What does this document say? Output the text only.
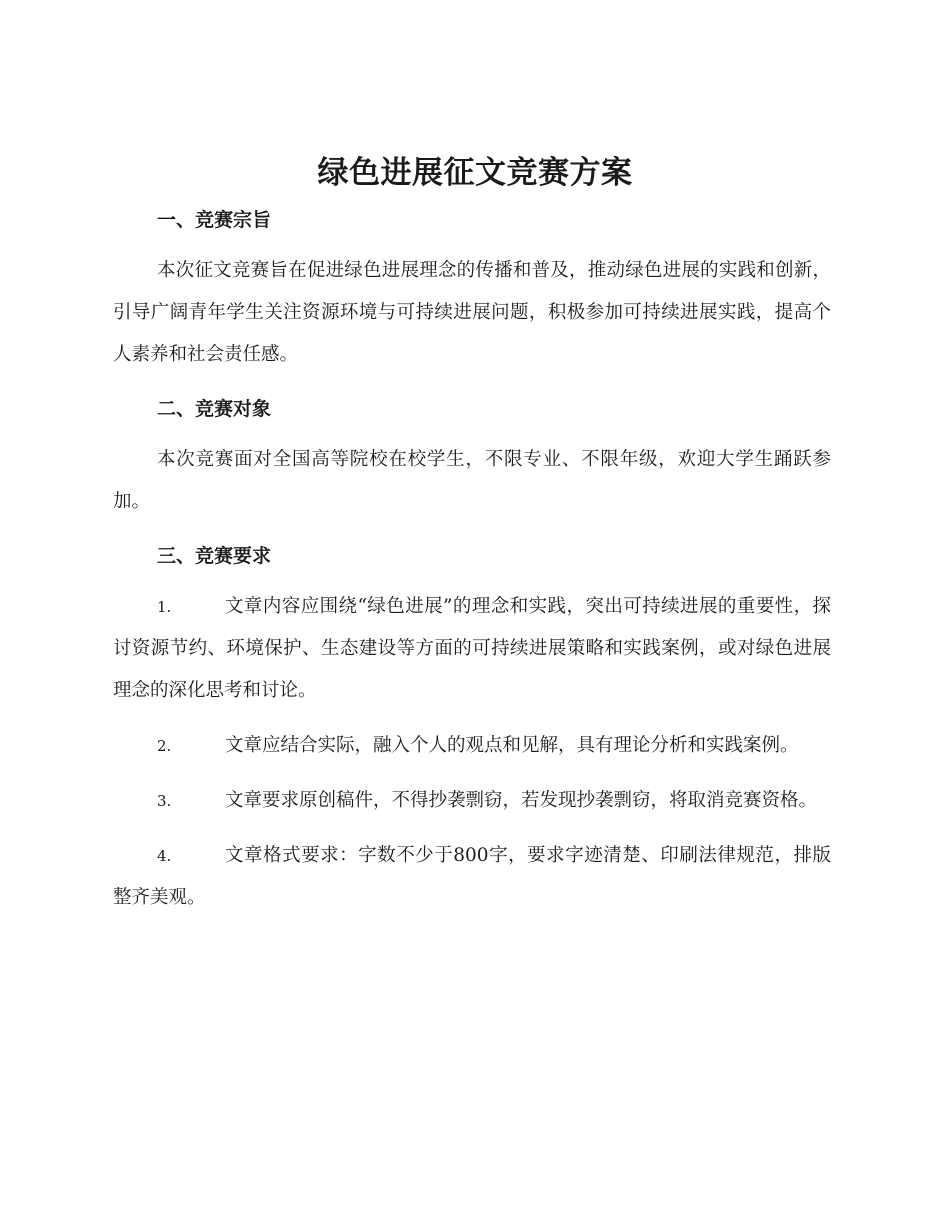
绿色进展征文竞赛方案
一、竞赛宗旨

本次征文竞赛旨在促进绿色进展理念的传播和普及，推动绿色进展的实践和创新，引导广阔青年学生关注资源环境与可持续进展问题，积极参加可持续进展实践，提高个人素养和社会责任感。

二、竞赛对象

本次竞赛面对全国高等院校在校学生，不限专业、不限年级，欢迎大学生踊跃参加。

三、竞赛要求
1.	文章内容应围绕“绿色进展”的理念和实践，突出可持续进展的重要性，探讨资源节约、环境保护、生态建设等方面的可持续进展策略和实践案例，或对绿色进展理念的深化思考和讨论。
2.	文章应结合实际，融入个人的观点和见解，具有理论分析和实践案例。
3.	文章要求原创稿件，不得抄袭剽窃，若发现抄袭剽窃，将取消竞赛资格。
4.	文章格式要求：字数不少于800字，要求字迹清楚、印刷法律规范，排版整齐美观。
